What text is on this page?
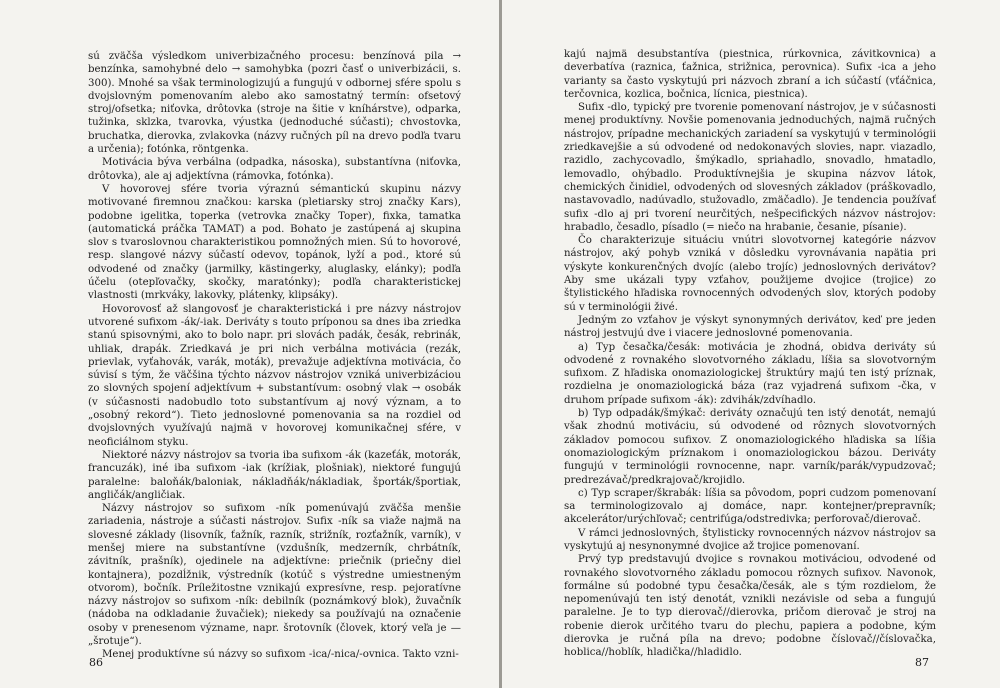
sú zväčša výsledkom univerbizačného procesu: benzínová pila → benzínka, samohybné delo → samohybka (pozri časť o univerbizácii, s. 300). Mnohé sa však terminologizujú a fungujú v odbornej sfére spolu s dvojslovným pomenovaním alebo ako samostatný termín: ofsetový stroj/ofsetka; niťovka, drôtovka (stroje na šitie v kníhárstve), odparka, tužinka, sklzka, tvarovka, výustka (jednoduché súčasti); chvostovka, bruchatka, dierovka, zvlakovka (názvy ručných píl na drevo podľa tvaru a určenia); fotónka, röntgenka.

Motivácia býva verbálna (odpadka, násoska), substantívna (niťovka, drôtovka), ale aj adjektívna (rámovka, fotónka).

V hovorovej sfére tvoria výraznú sémantickú skupinu názvy motivované firemnou značkou: karska (pletiarsky stroj značky Kars), podobne igelitka, toperka (vetrovka značky Toper), fixka, tamatka (automatická práčka TAMAT) a pod. Bohato je zastúpená aj skupina slov s tvaroslovnou charakteristikou pomnožných mien. Sú to hovorové, resp. slangové názvy súčastí odevov, topánok, lyží a pod., ktoré sú odvodené od značky (jarmilky, kästingerky, aluglasky, elánky); podľa účelu (otepľovačky, skočky, maratónky); podľa charakteristickej vlastnosti (mrkváky, lakovky, plátenky, klipsáky).

Hovorovosť až slangovosť je charakteristická i pre názvy nástrojov utvorené sufixom -ák/-iak. Deriváty s touto príponou sa dnes iba zriedka stanú spisovnými, ako to bolo napr. pri slovách padák, česák, rebrinák, uhliak, drapák. Zriedkavá je pri nich verbálna motivácia (rezák, prievlak, vyťahovák, varák, moták), prevažuje adjektívna motivácia, čo súvisí s tým, že väčšina týchto názvov nástrojov vzniká univerbizáciou zo slovných spojení adjektívum + substantívum: osobný vlak → osobák (v súčasnosti nadobudlo toto substantívum aj nový význam, a to „osobný rekord“). Tieto jednoslovné pomenovania sa na rozdiel od dvojslovných využívajú najmä v hovorovej komunikačnej sfére, v neoficiálnom styku.

Niektoré názvy nástrojov sa tvoria iba sufixom -ák (kazeťák, motorák, francuzák), iné iba sufixom -iak (krížiak, plošniak), niektoré fungujú paralelne: baloňák/baloniak, nákladňák/nákladiak, športák/športiak, angličák/angličiak.

Názvy nástrojov so sufixom -ník pomenúvajú zväčša menšie zariadenia, nástroje a súčasti nástrojov. Sufix -ník sa viaže najmä na slovesné základy (lisovník, ťažník, razník, strižník, rozťažník, varník), v menšej miere na substantívne (vzdušník, medzerník, chrbátník, závitník, prašník), ojedinele na adjektívne: priečnik (priečny diel kontajnera), pozdĺžnik, výstredník (kotúč s výstredne umiestneným otvorom), bočník. Príležitostne vznikajú expresívne, resp. pejoratívne názvy nástrojov so sufixom -ník: debilník (poznámkový blok), žuvačník (nádoba na odkladanie žuvačiek); niekedy sa používajú na označenie osoby v prenesenom význame, napr. šrotovník (človek, ktorý veľa je — „šrotuje“).

Menej produktívne sú názvy so sufixom -ica/-nica/-ovnica. Takto vzni-

86

kajú najmä desubstantíva (piestnica, rúrkovnica, závitkovnica) a deverbatíva (raznica, ťažnica, strižnica, perovnica). Sufix -ica a jeho varianty sa často vyskytujú pri názvoch zbraní a ich súčastí (vťáčnica, terčovnica, kozlica, bočnica, lícnica, piestnica).

Sufix -dlo, typický pre tvorenie pomenovaní nástrojov, je v súčasnosti menej produktívny. Novšie pomenovania jednoduchých, najmä ručných nástrojov, prípadne mechanických zariadení sa vyskytujú v terminológii zriedkavejšie a sú odvodené od nedokonavých slovies, napr. viazadlo, razidlo, zachycovadlo, šmýkadlo, spriahadlo, snovadlo, hmatadlo, lemovadlo, ohýbadlo. Produktívnejšia je skupina názvov látok, chemických činidiel, odvodených od slovesných základov (práškovadlo, nastavovadlo, nadúvadlo, stužovadlo, zmäčadlo). Je tendencia používať sufix -dlo aj pri tvorení neurčitých, nešpecifických názvov nástrojov: hrabadlo, česadlo, písadlo (= niečo na hrabanie, česanie, písanie).

Čo charakterizuje situáciu vnútri slovotvornej kategórie názvov nástrojov, aký pohyb vzniká v dôsledku vyrovnávania napätia pri výskyte konkurenčných dvojíc (alebo trojíc) jednoslovných derivátov? Aby sme ukázali typy vzťahov, použijeme dvojice (trojice) zo štylistického hľadiska rovnocenných odvodených slov, ktorých podoby sú v terminológii živé.

Jedným zo vzťahov je výskyt synonymných derivátov, keď pre jeden nástroj jestvujú dve i viacere jednoslovné pomenovania.

a) Typ česačka/česák: motivácia je zhodná, obidva deriváty sú odvodené z rovnakého slovotvorného základu, líšia sa slovotvorným sufixom. Z hľadiska onomaziologickej štruktúry majú ten istý príznak, rozdielna je onomaziologická báza (raz vyjadrená sufixom -čka, v druhom prípade sufixom -ák): zdvihák/zdvíhadlo.

b) Typ odpadák/šmýkač: deriváty označujú ten istý denotát, nemajú však zhodnú motiváciu, sú odvodené od rôznych slovotvorných základov pomocou sufixov. Z onomaziologického hľadiska sa líšia onomaziologickým príznakom i onomaziologickou bázou. Deriváty fungujú v terminológii rovnocenne, napr. varník/parák/vypudzovač; predrezávač/predkrajovač/krojidlo.

c) Typ scraper/škrabák: líšia sa pôvodom, popri cudzom pomenovaní sa terminologizovalo aj domáce, napr. kontejner/prepravník; akcelerátor/urýchľovač; centrifúga/odstredivka; perforovač/dierovač.

V rámci jednoslovných, štylisticky rovnocenných názvov nástrojov sa vyskytujú aj nesynonymné dvojice až trojice pomenovaní.

Prvý typ predstavujú dvojice s rovnakou motiváciou, odvodené od rovnakého slovotvorného základu pomocou rôznych sufixov. Navonok, formálne sú podobné typu česačka/česák, ale s tým rozdielom, že nepomenúvajú ten istý denotát, vznikli nezávisle od seba a fungujú paralelne. Je to typ dierovač//dierovka, pričom dierovač je stroj na robenie dierok určitého tvaru do plechu, papiera a podobne, kým dierovka je ručná píla na drevo; podobne číslovač//číslovačka, hoblica//hoblík, hladička//hladidlo.

87
